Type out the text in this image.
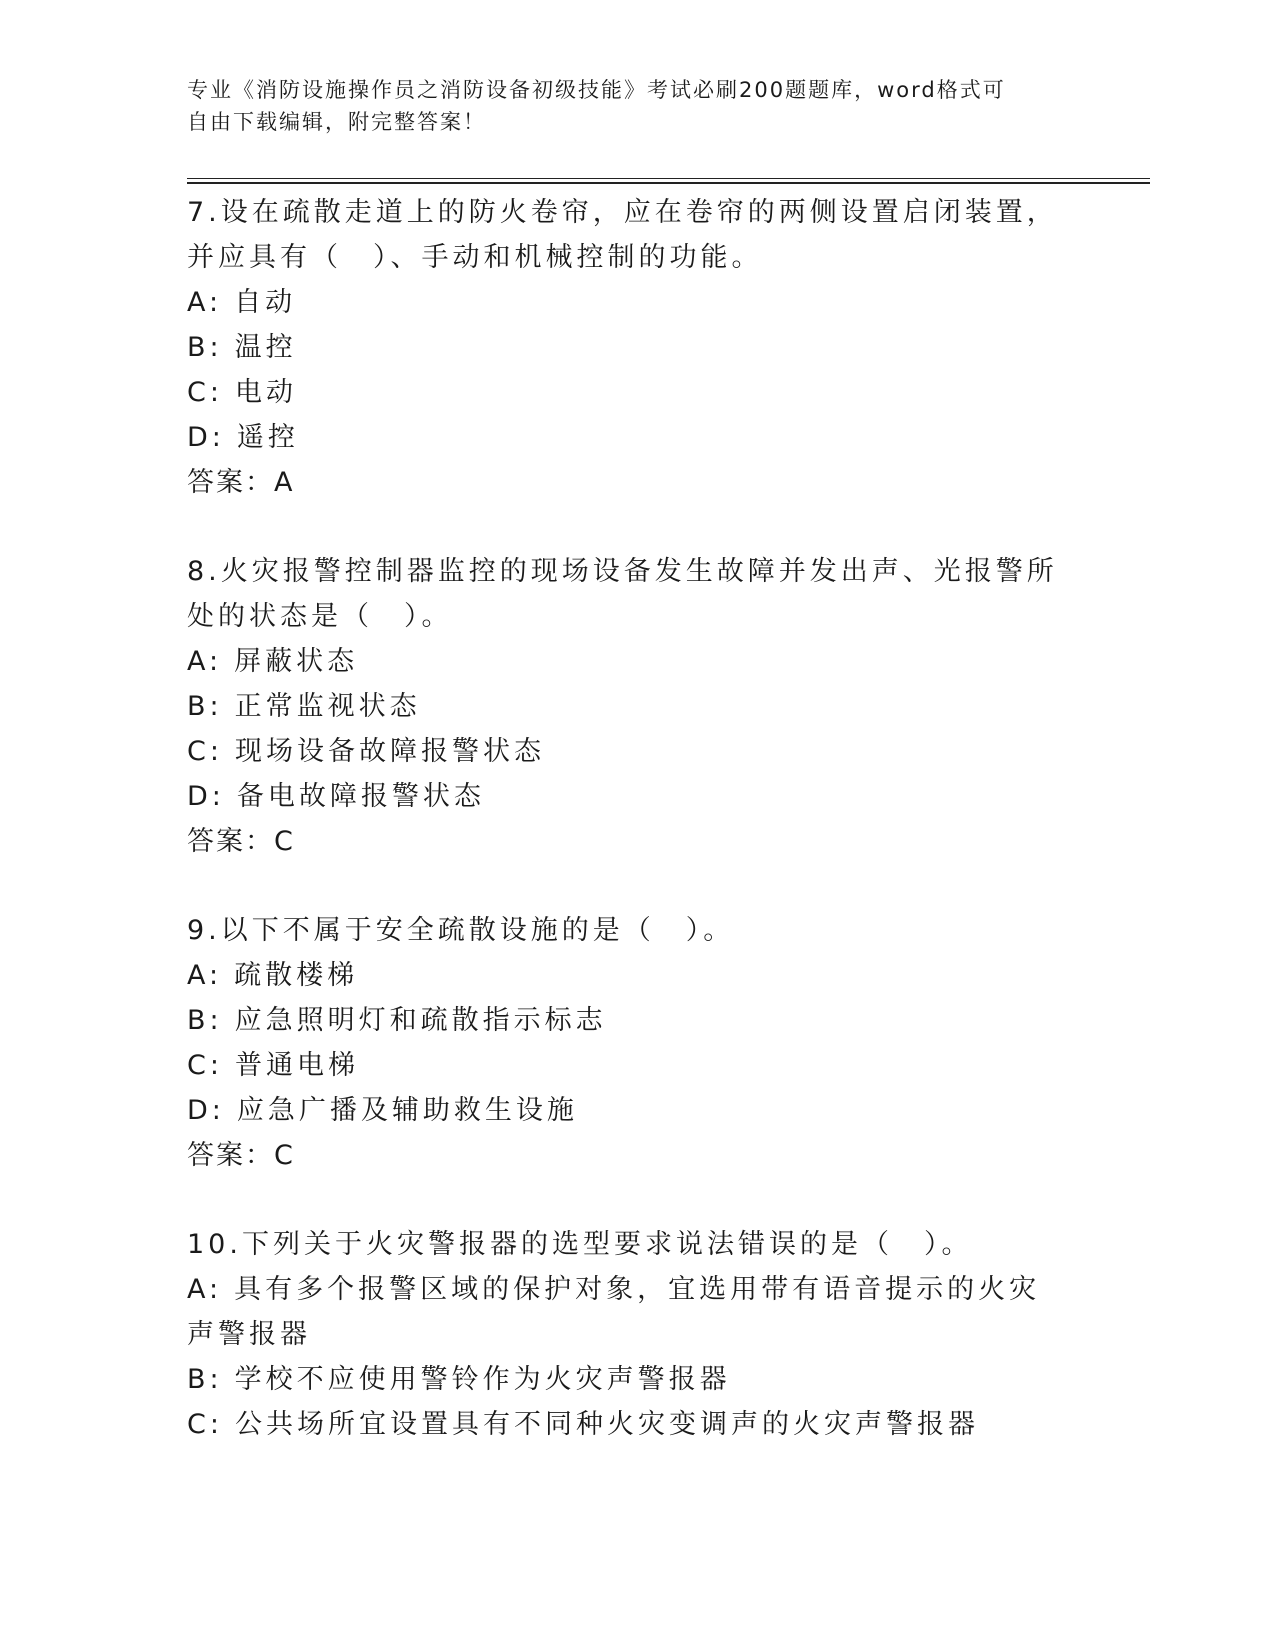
专业《消防设施操作员之消防设备初级技能》考试必刷200题题库，word格式可
自由下载编辑，附完整答案！
7.设在疏散走道上的防火卷帘，应在卷帘的两侧设置启闭装置，并应具有（　）、手动和机械控制的功能。
A: 自动
B: 温控
C: 电动
D: 遥控
答案：A
8.火灾报警控制器监控的现场设备发生故障并发出声、光报警所处的状态是（　）。
A: 屏蔽状态
B: 正常监视状态
C: 现场设备故障报警状态
D: 备电故障报警状态
答案：C
9.以下不属于安全疏散设施的是（　）。
A: 疏散楼梯
B: 应急照明灯和疏散指示标志
C: 普通电梯
D: 应急广播及辅助救生设施
答案：C
10.下列关于火灾警报器的选型要求说法错误的是（　）。
A: 具有多个报警区域的保护对象，宜选用带有语音提示的火灾声警报器
B: 学校不应使用警铃作为火灾声警报器
C: 公共场所宜设置具有不同种火灾变调声的火灾声警报器
